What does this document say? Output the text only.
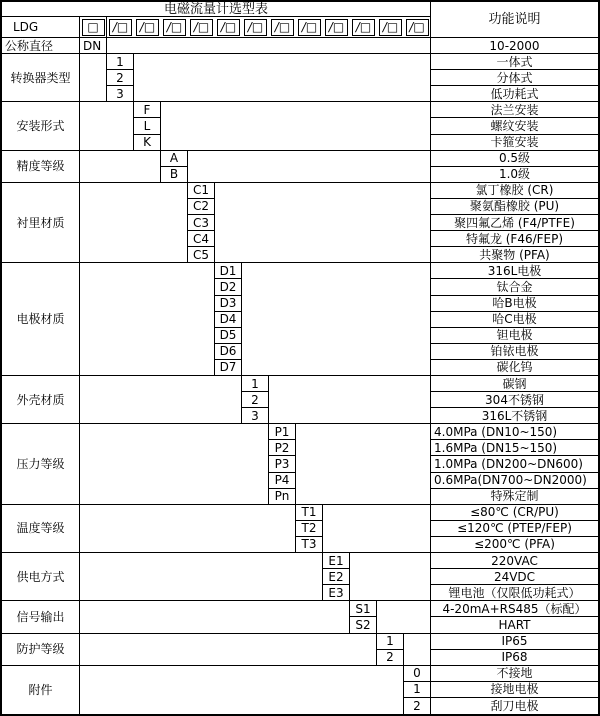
电磁流量计选型表
功能说明
LDG	□	/□ /□ /□ /□ /□ /□ /□ /□ /□ /□ /□ /□
公称直径	DN	10-2000
转换器类型
1	一体式
2	分体式
3	低功耗式
安装形式
F	法兰安装
L	螺纹安装
K	卡箍安装
精度等级
A	0.5级
B	1.0级
衬里材质
C1	氯丁橡胶 (CR)
C2	聚氨酯橡胶 (PU)
C3	聚四氟乙烯 (F4/PTFE)
C4	特氟龙 (F46/FEP)
C5	共聚物 (PFA)
电极材质
D1	316L电极
D2	钛合金
D3	哈B电极
D4	哈C电极
D5	钽电极
D6	铂铱电极
D7	碳化钨
外壳材质
1	碳钢
2	304不锈钢
3	316L不锈钢
压力等级
P1	4.0MPa (DN10~150)
P2	1.6MPa (DN15~150)
P3	1.0MPa (DN200~DN600)
P4	0.6MPa(DN700~DN2000)
Pn	特殊定制
温度等级
T1	≤80℃ (CR/PU)
T2	≤120℃ (PTEP/FEP)
T3	≤200℃ (PFA)
供电方式
E1	220VAC
E2	24VDC
E3	锂电池（仅限低功耗式）
信号输出
S1	4-20mA+RS485（标配）
S2	HART
防护等级
1	IP65
2	IP68
附件
0	不接地
1	接地电极
2	刮刀电极
